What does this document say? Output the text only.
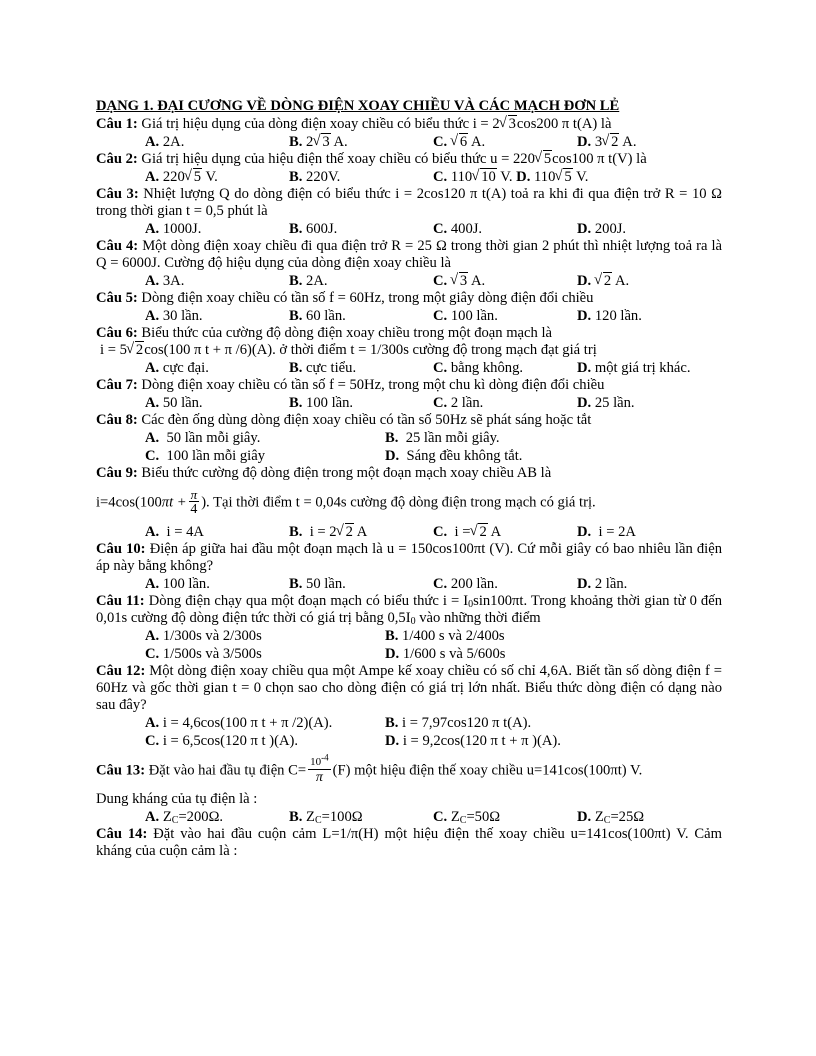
DẠNG 1. ĐẠI CƯƠNG VỀ DÒNG ĐIỆN XOAY CHIỀU VÀ CÁC MẠCH ĐƠN LẺ
Câu 1: Giá trị hiệu dụng của dòng điện xoay chiều có biểu thức i = 2 √ 3cos200 π t(A) là
A. 2A.	B. 2 √ 3 A.	C. √ 6 A.	D. 3 √ 2 A.
Câu 2: Giá trị hiệu dụng của hiệu điện thế xoay chiều có biểu thức u = 220 √ 5cos100 π t(V) là
A. 220 √ 5 V.	B. 220V.	C. 110 √ 10 V. D. 110 √ 5 V.
Câu 3: Nhiệt lượng Q do dòng điện có biểu thức i = 2cos120 π t(A) toả ra khi đi qua điện trở R = 10 Ω trong thời gian t = 0,5 phút là
A. 1000J.	B. 600J.	C. 400J.	D. 200J.
Câu 4: Một dòng điện xoay chiều đi qua điện trở R = 25 Ω trong thời gian 2 phút thì nhiệt lượng toả ra là Q = 6000J. Cường độ hiệu dụng của dòng điện xoay chiều là
A. 3A.	B. 2A.	C. √ 3 A.	D. √ 2 A.
Câu 5: Dòng điện xoay chiều có tần số f = 60Hz, trong một giây dòng điện đổi chiều
A. 30 lần.	B. 60 lần.	C. 100 lần.	D. 120 lần.
Câu 6: Biểu thức của cường độ dòng điện xoay chiều trong một đoạn mạch là
i = 5 √ 2cos(100 π t + π /6)(A). ở thời điểm t = 1/300s cường độ trong mạch đạt giá trị
A. cực đại.	B. cực tiểu.	C. bằng không.	D. một giá trị khác.
Câu 7: Dòng điện xoay chiều có tần số f = 50Hz, trong một chu kì dòng điện đổi chiều
A. 50 lần.	B. 100 lần.	C. 2 lần.	D. 25 lần.
Câu 8: Các đèn ống dùng dòng điện xoay chiều có tần số 50Hz sẽ phát sáng hoặc tắt
A. 50 lần mỗi giây.	B. 25 lần mỗi giây.
C. 100 lần mỗi giây	D. Sáng đều không tắt.
Câu 9: Biểu thức cường độ dòng điện trong một đoạn mạch xoay chiều AB là
$i=4\cos(100\pi t + \frac{\pi}{4}$ ). Tại thời điểm t = 0,04s cường độ dòng điện trong mạch có giá trị.
A. i = 4A	B. i = 2 √ 2 A	C. i = √ 2 A	D. i = 2A
Câu 10: Điện áp giữa hai đầu một đoạn mạch là u = 150cos100πt (V). Cứ mỗi giây có bao nhiêu lần điện áp này bằng không?
A. 100 lần.	B. 50 lần.	C. 200 lần.	D. 2 lần.
Câu 11: Dòng điện chạy qua một đoạn mạch có biểu thức $i = I_0\sin 100\pi t$. Trong khoảng thời gian từ 0 đến 0,01s cường độ dòng điện tức thời có giá trị bằng $0,5I_0$ vào những thời điểm
A. 1/300s và 2/300s	B. 1/400 s và 2/400s
C. 1/500s và 3/500s	D. 1/600 s và 5/600s
Câu 12: Một dòng điện xoay chiều qua một Ampe kế xoay chiều có số chỉ 4,6A. Biết tần số dòng điện f = 60Hz và gốc thời gian t = 0 chọn sao cho dòng điện có giá trị lớn nhất. Biểu thức dòng điện có dạng nào sau đây?
A. i = 4,6cos(100 π t + π /2)(A).	B. i = 7,97cos120 π t(A).
C. i = 6,5cos(120 π t )(A).	D. i = 9,2cos(120 π t + π )(A).
Câu 13: Đặt vào hai đầu tụ điện $C= \frac{10^{-4}}{\pi} (F)$ một hiệu điện thế xoay chiều u=141cos(100πt) V.
Dung kháng của tụ điện là :
A. $Z_C=200\Omega$.	B. $Z_C=100\Omega$	C. $Z_C=50\Omega$	D. $Z_C=25\Omega$
Câu 14: Đặt vào hai đầu cuộn cảm L=1/π(H) một hiệu điện thế xoay chiều u=141cos(100πt) V. Cảm kháng của cuộn cảm là :
